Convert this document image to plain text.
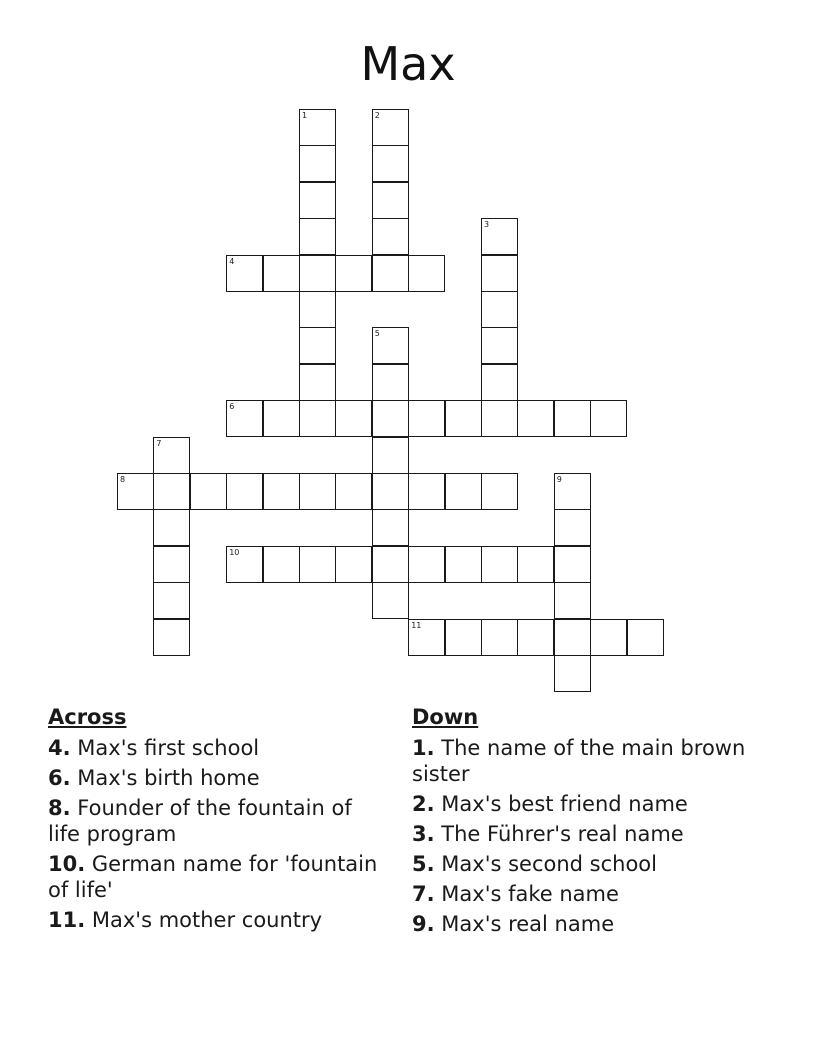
Max
1	2
3
4
5
6
7
8	9
10
11
Across
4. Max's first school
6. Max's birth home
8. Founder of the fountain of life program
10. German name for 'fountain of life'
11. Max's mother country
Down
1. The name of the main brown sister
2. Max's best friend name
3. The Führer's real name
5. Max's second school
7. Max's fake name
9. Max's real name
